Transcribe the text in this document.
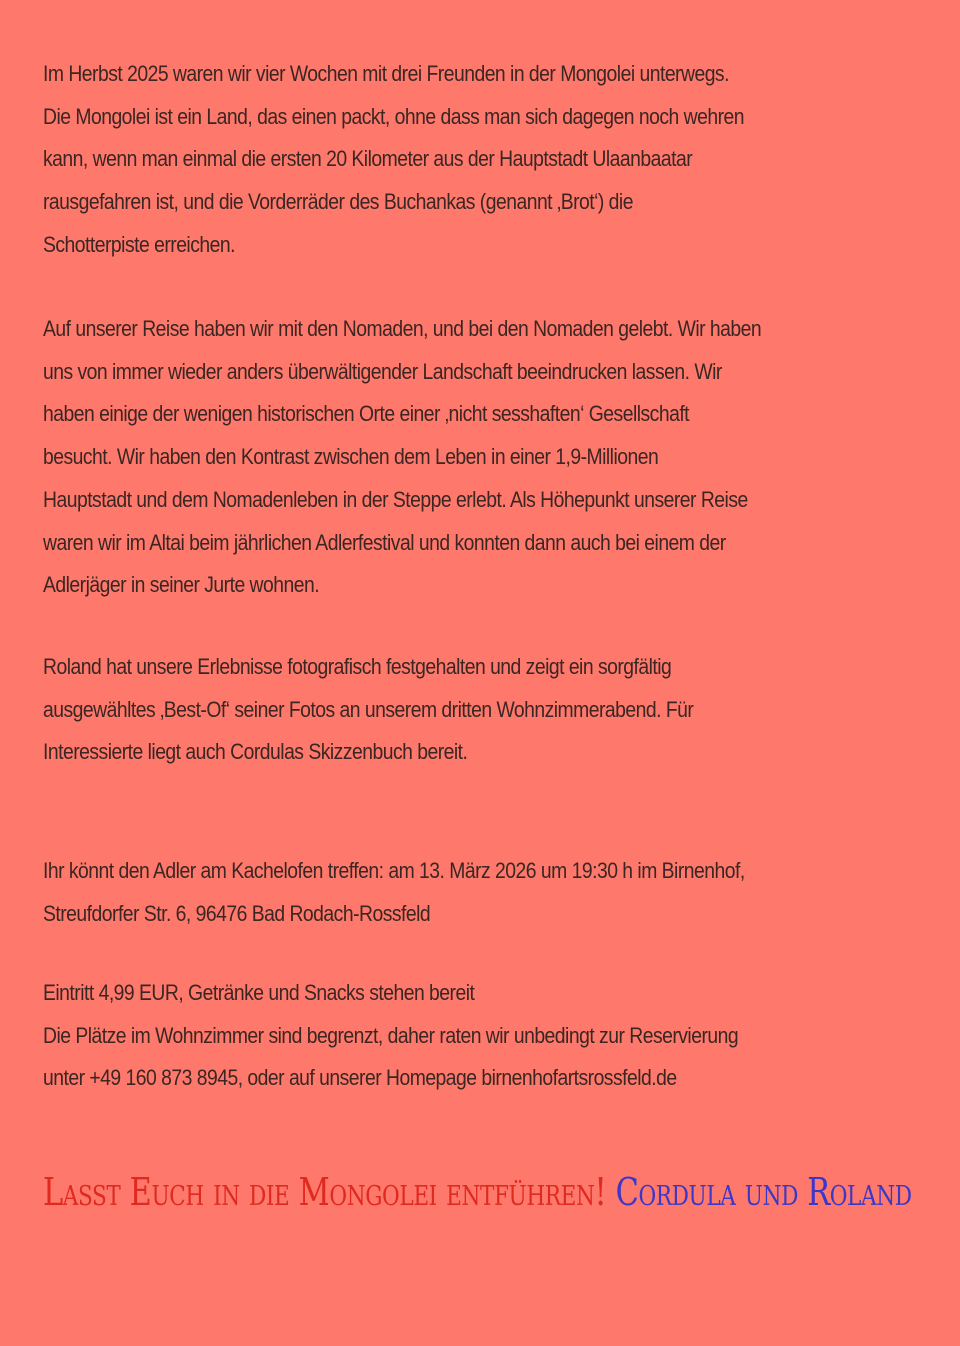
Im Herbst 2025 waren wir vier Wochen mit drei Freunden in der Mongolei unterwegs.
Die Mongolei ist ein Land, das einen packt, ohne dass man sich dagegen noch wehren
kann, wenn man einmal die ersten 20 Kilometer aus der Hauptstadt Ulaanbaatar
rausgefahren ist, und die Vorderräder des Buchankas (genannt ‚Brot‘) die
Schotterpiste erreichen.

Auf unserer Reise haben wir mit den Nomaden, und bei den Nomaden gelebt. Wir haben
uns von immer wieder anders überwältigender Landschaft beeindrucken lassen. Wir
haben einige der wenigen historischen Orte einer ‚nicht sesshaften‘ Gesellschaft
besucht. Wir haben den Kontrast zwischen dem Leben in einer 1,9-Millionen
Hauptstadt und dem Nomadenleben in der Steppe erlebt. Als Höhepunkt unserer Reise
waren wir im Altai beim jährlichen Adlerfestival und konnten dann auch bei einem der
Adlerjäger in seiner Jurte wohnen.

Roland hat unsere Erlebnisse fotografisch festgehalten und zeigt ein sorgfältig
ausgewähltes ‚Best-Of‘ seiner Fotos an unserem dritten Wohnzimmerabend. Für
Interessierte liegt auch Cordulas Skizzenbuch bereit.

Ihr könnt den Adler am Kachelofen treffen: am 13. März 2026 um 19:30 h im Birnenhof,
Streufdorfer Str. 6, 96476 Bad Rodach-Rossfeld

Eintritt 4,99 EUR, Getränke und Snacks stehen bereit
Die Plätze im Wohnzimmer sind begrenzt, daher raten wir unbedingt zur Reservierung
unter +49 160 873 8945, oder auf unserer Homepage birnenhofartsrossfeld.de

Lasst Euch in die Mongolei entführen! Cordula und Roland
